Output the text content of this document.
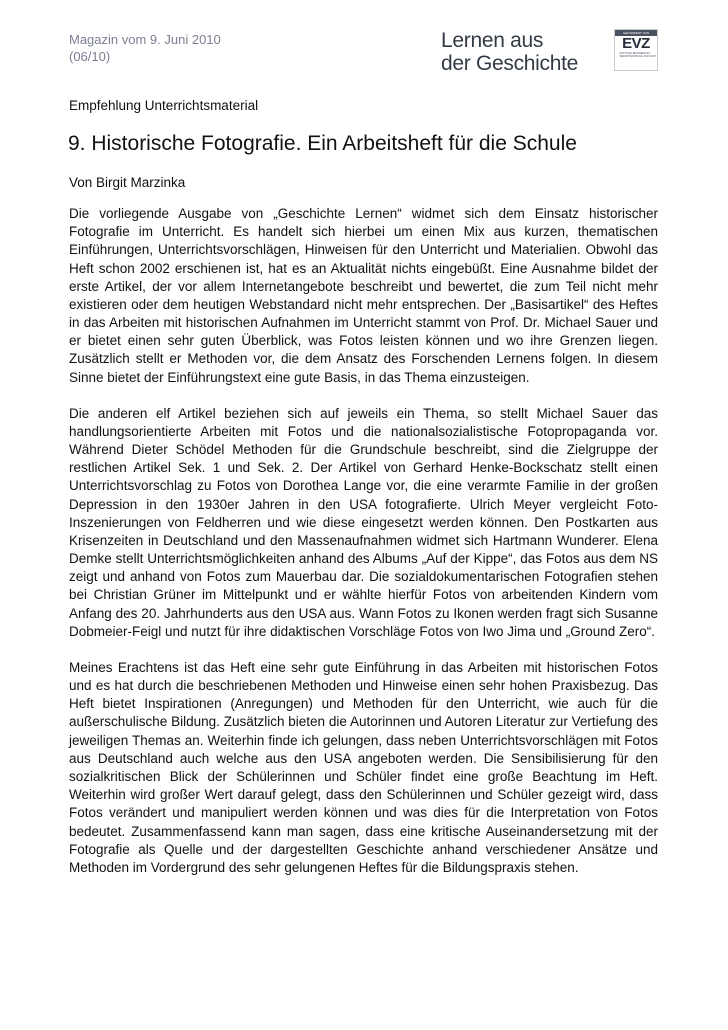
Magazin vom 9. Juni 2010
(06/10)
Lernen aus
der Geschichte
GEFÖRDERT VON
EVZ
STIFTUNG ERINNERUNG VERANTWORTUNG ZUKUNFT
Empfehlung Unterrichtsmaterial
9. Historische Fotografie. Ein Arbeitsheft für die Schule
Von Birgit Marzinka

Die vorliegende Ausgabe von „Geschichte Lernen“ widmet sich dem Einsatz historischer Fotografie im Unterricht. Es handelt sich hierbei um einen Mix aus kurzen, thematischen Einführungen, Unterrichtsvorschlägen, Hinweisen für den Unterricht und Materialien. Obwohl das Heft schon 2002 erschienen ist, hat es an Aktualität nichts eingebüßt. Eine Ausnahme bildet der erste Artikel, der vor allem Internetangebote beschreibt und bewertet, die zum Teil nicht mehr existieren oder dem heutigen Webstandard nicht mehr entsprechen. Der „Basisartikel“ des Heftes in das Arbeiten mit historischen Aufnahmen im Unterricht stammt von Prof. Dr. Michael Sauer und er bietet einen sehr guten Überblick, was Fotos leisten können und wo ihre Grenzen liegen. Zusätzlich stellt er Methoden vor, die dem Ansatz des Forschenden Lernens folgen. In diesem Sinne bietet der Einführungstext eine gute Basis, in das Thema einzusteigen.

Die anderen elf Artikel beziehen sich auf jeweils ein Thema, so stellt Michael Sauer das handlungsorientierte Arbeiten mit Fotos und die nationalsozialistische Fotopropaganda vor. Während Dieter Schödel Methoden für die Grundschule beschreibt, sind die Zielgruppe der restlichen Artikel Sek. 1 und Sek. 2. Der Artikel von Gerhard Henke-Bockschatz stellt einen Unterrichtsvorschlag zu Fotos von Dorothea Lange vor, die eine verarmte Familie in der großen Depression in den 1930er Jahren in den USA fotografierte. Ulrich Meyer vergleicht Foto-Inszenierungen von Feldherren und wie diese eingesetzt werden können. Den Postkarten aus Krisenzeiten in Deutschland und den Massenaufnahmen widmet sich Hartmann Wunderer. Elena Demke stellt Unterrichtsmöglichkeiten anhand des Albums „Auf der Kippe“, das Fotos aus dem NS zeigt und anhand von Fotos zum Mauerbau dar. Die sozialdokumentarischen Fotografien stehen bei Christian Grüner im Mittelpunkt und er wählte hierfür Fotos von arbeitenden Kindern vom Anfang des 20. Jahrhunderts aus den USA aus. Wann Fotos zu Ikonen werden fragt sich Susanne Dobmeier-Feigl und nutzt für ihre didaktischen Vorschläge Fotos von Iwo Jima und „Ground Zero“.

Meines Erachtens ist das Heft eine sehr gute Einführung in das Arbeiten mit historischen Fotos und es hat durch die beschriebenen Methoden und Hinweise einen sehr hohen Praxisbezug. Das Heft bietet Inspirationen (Anregungen) und Methoden für den Unterricht, wie auch für die außerschulische Bildung. Zusätzlich bieten die Autorinnen und Autoren Literatur zur Vertiefung des jeweiligen Themas an. Weiterhin finde ich gelungen, dass neben Unterrichtsvorschlägen mit Fotos aus Deutschland auch welche aus den USA angeboten werden. Die Sensibilisierung für den sozialkritischen Blick der Schülerinnen und Schüler findet eine große Beachtung im Heft. Weiterhin wird großer Wert darauf gelegt, dass den Schülerinnen und Schüler gezeigt wird, dass Fotos verändert und manipuliert werden können und was dies für die Interpretation von Fotos bedeutet. Zusammenfassend kann man sagen, dass eine kritische Auseinandersetzung mit der Fotografie als Quelle und der dargestellten Geschichte anhand verschiedener Ansätze und Methoden im Vordergrund des sehr gelungenen Heftes für die Bildungspraxis stehen.
